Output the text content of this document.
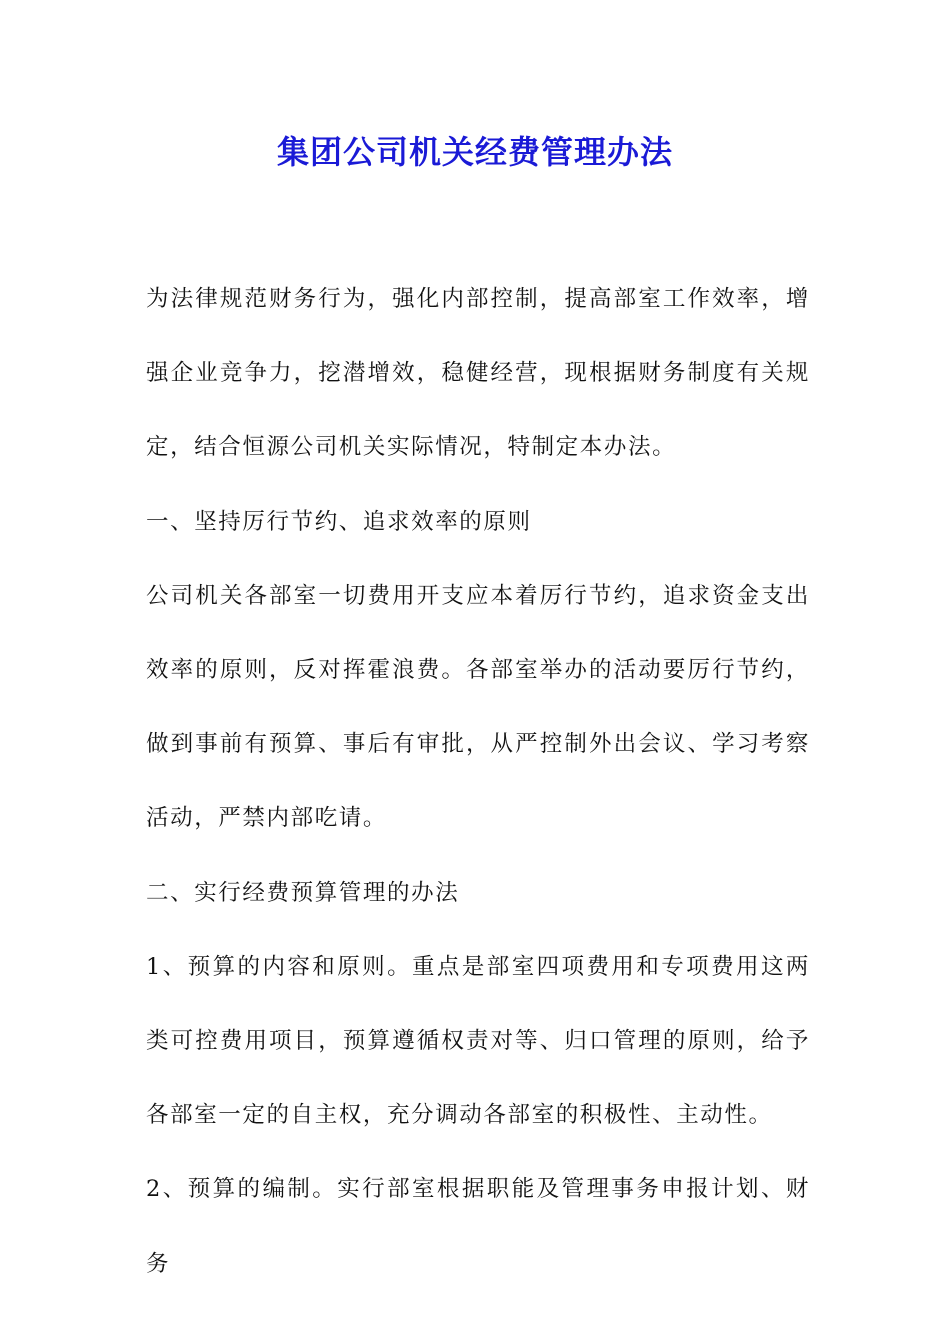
集团公司机关经费管理办法

为法律规范财务行为，强化内部控制，提高部室工作效率，增强企业竞争力，挖潜增效，稳健经营，现根据财务制度有关规定，结合恒源公司机关实际情况，特制定本办法。

一、坚持厉行节约、追求效率的原则

公司机关各部室一切费用开支应本着厉行节约，追求资金支出效率的原则，反对挥霍浪费。各部室举办的活动要厉行节约，做到事前有预算、事后有审批，从严控制外出会议、学习考察活动，严禁内部吃请。

二、实行经费预算管理的办法

1、预算的内容和原则。重点是部室四项费用和专项费用这两类可控费用项目，预算遵循权责对等、归口管理的原则，给予各部室一定的自主权，充分调动各部室的积极性、主动性。

2、预算的编制。实行部室根据职能及管理事务申报计划、财务
